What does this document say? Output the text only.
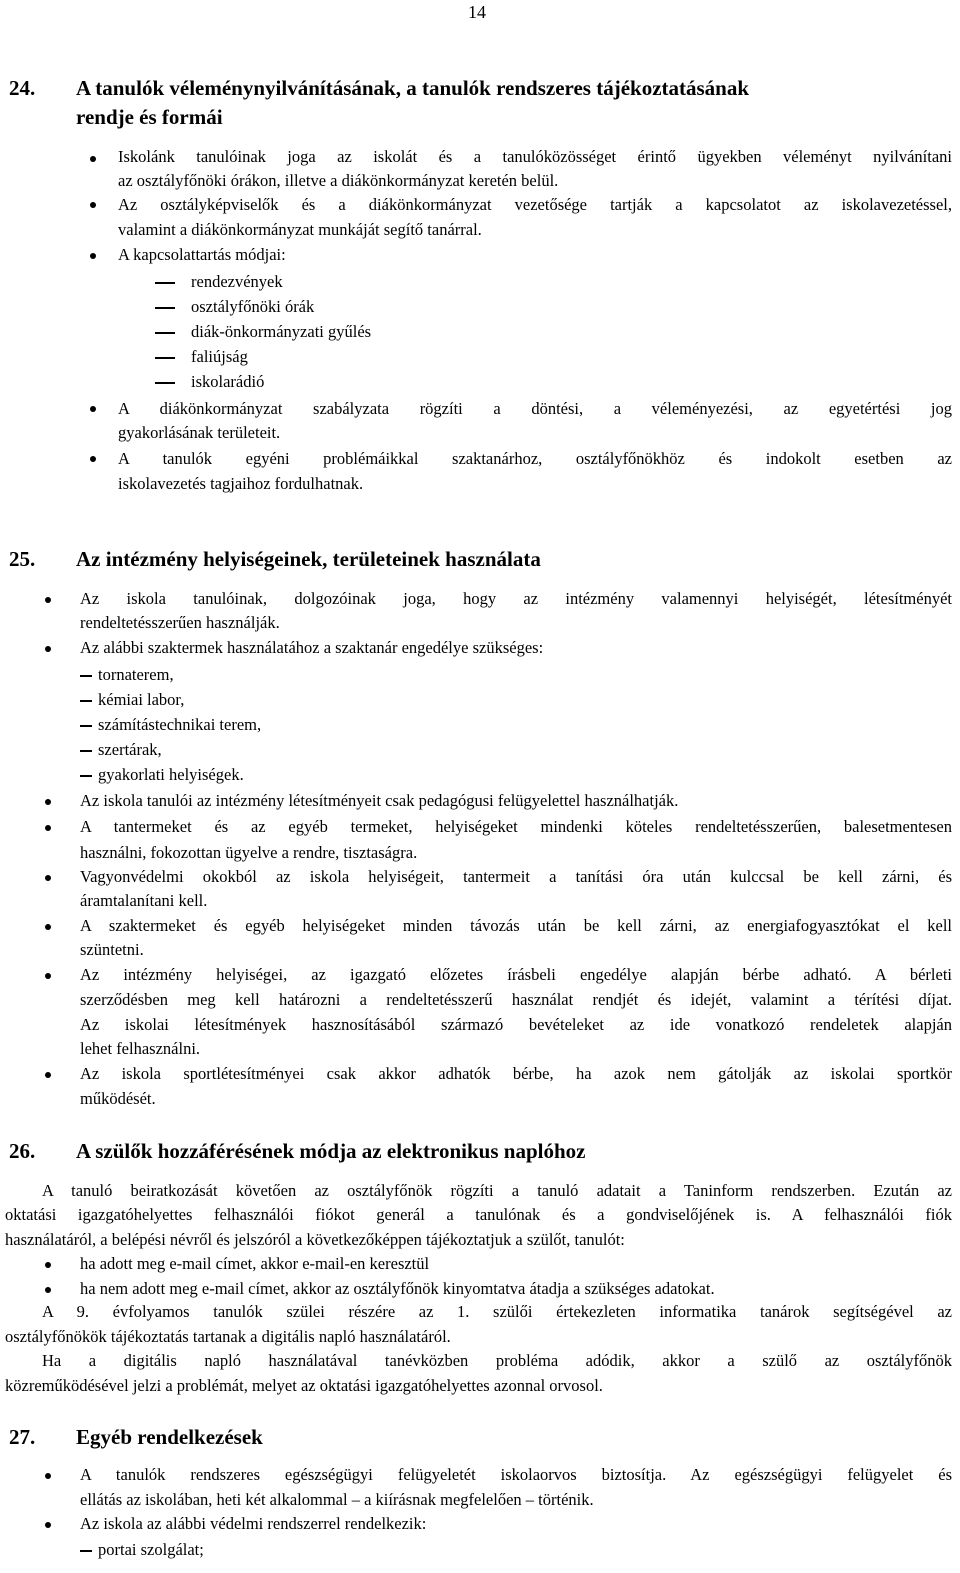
14
24. A tanulók véleménynyilvánításának, a tanulók rendszeres tájékoztatásának
rendje és formái
Iskolánk tanulóinak joga az iskolát és a tanulóközösséget érintő ügyekben véleményt nyilvánítani
az osztályfőnöki órákon, illetve a diákönkormányzat keretén belül.
Az osztályképviselők és a diákönkormányzat vezetősége tartják a kapcsolatot az iskolavezetéssel,
valamint a diákönkormányzat munkáját segítő tanárral.
A kapcsolattartás módjai:
rendezvények
osztályfőnöki órák
diák-önkormányzati gyűlés
faliújság
iskolarádió
A diákönkormányzat szabályzata rögzíti a döntési, a véleményezési, az egyetértési jog
gyakorlásának területeit.
A tanulók egyéni problémáikkal szaktanárhoz, osztályfőnökhöz és indokolt esetben az
iskolavezetés tagjaihoz fordulhatnak.
25. Az intézmény helyiségeinek, területeinek használata
Az iskola tanulóinak, dolgozóinak joga, hogy az intézmény valamennyi helyiségét, létesítményét
rendeltetésszerűen használják.
Az alábbi szaktermek használatához a szaktanár engedélye szükséges:
tornaterem,
kémiai labor,
számítástechnikai terem,
szertárak,
gyakorlati helyiségek.
Az iskola tanulói az intézmény létesítményeit csak pedagógusi felügyelettel használhatják.
A tantermeket és az egyéb termeket, helyiségeket mindenki köteles rendeltetésszerűen, balesetmentesen
használni, fokozottan ügyelve a rendre, tisztaságra.
Vagyonvédelmi okokból az iskola helyiségeit, tantermeit a tanítási óra után kulccsal be kell zárni, és
áramtalanítani kell.
A szaktermeket és egyéb helyiségeket minden távozás után be kell zárni, az energiafogyasztókat el kell
szüntetni.
Az intézmény helyiségei, az igazgató előzetes írásbeli engedélye alapján bérbe adható. A bérleti
szerződésben meg kell határozni a rendeltetésszerű használat rendjét és idejét, valamint a térítési díjat.
Az iskolai létesítmények hasznosításából származó bevételeket az ide vonatkozó rendeletek alapján
lehet felhasználni.
Az iskola sportlétesítményei csak akkor adhatók bérbe, ha azok nem gátolják az iskolai sportkör
működését.
26. A szülők hozzáférésének módja az elektronikus naplóhoz
A tanuló beiratkozását követően az osztályfőnök rögzíti a tanuló adatait a Taninform rendszerben. Ezután az
oktatási igazgatóhelyettes felhasználói fiókot generál a tanulónak és a gondviselőjének is. A felhasználói fiók
használatáról, a belépési névről és jelszóról a következőképpen tájékoztatjuk a szülőt, tanulót:
ha adott meg e-mail címet, akkor e-mail-en keresztül
ha nem adott meg e-mail címet, akkor az osztályfőnök kinyomtatva átadja a szükséges adatokat.
A 9. évfolyamos tanulók szülei részére az 1. szülői értekezleten informatika tanárok segítségével az
osztályfőnökök tájékoztatás tartanak a digitális napló használatáról.
Ha a digitális napló használatával tanévközben probléma adódik, akkor a szülő az osztályfőnök
közreműködésével jelzi a problémát, melyet az oktatási igazgatóhelyettes azonnal orvosol.
27. Egyéb rendelkezések
A tanulók rendszeres egészségügyi felügyeletét iskolaorvos biztosítja. Az egészségügyi felügyelet és
ellátás az iskolában, heti két alkalommal – a kiírásnak megfelelően – történik.
Az iskola az alábbi védelmi rendszerrel rendelkezik:
portai szolgálat;
